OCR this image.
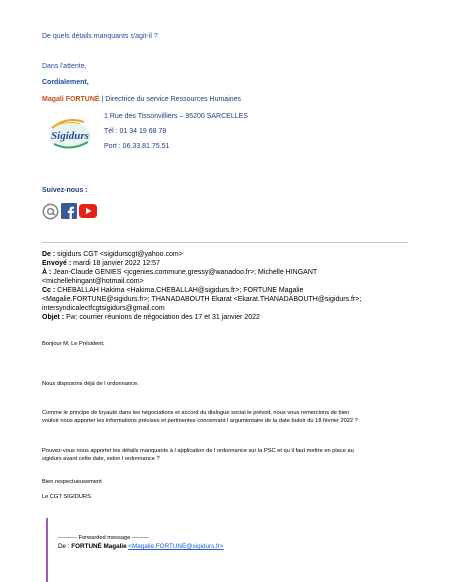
De quels détails manquants s'agit-il ?
Dans l'attente,
Cordialement,
Magali FORTUNÉ | Directrice du service Ressources Humaines
Sigidurs
1 Rue des Tissonvilliers – 95200 SARCELLES
Tél : 01 34 19 68 78
Port : 06.33.81.75.51
Suivez-nous :
De : sigidurs CGT <sigidurscgt@yahoo.com>
Envoyé : mardi 18 janvier 2022 12:57
À : Jean-Claude GENIES <jcgenies.commune.gressy@wanadoo.fr>; Michelle HINGANT
<michellehingant@hotmail.com>
Cc : CHEBALLAH Hakima <Hakima.CHEBALLAH@sigidurs.fr>; FORTUNE Magalie
<Magalie.FORTUNE@sigidurs.fr>; THANADABOUTH Ekarat <Ekarat.THANADABOUTH@sigidurs.fr>;
intersyndicalectfcgtsigidurs@gmail.com
Objet : Fw: courrier réunions de négociation des 17 et 31 janvier 2022
Bonjour M. Le Président,
Nous disposons déjà de l ordonnance.
Comme le principe de loyauté dans les négociations et accord du dialogue social le prévoit, nous vous remercions de bien
vouloir nous apporter les informations précises et pertinentes concernant l argumentaire de la date butoir du 18 février 2022 ?
Pouvez-vous nous apporter les détails manquants à l application de l ordonnance sur la PSC et qu il faut mettre en place au
sigidurs avant cette date, selon l ordonnance ?
Bien respectueusement
Le CGT SIGIDURS
---------- Forwarded message ---------
De : FORTUNÉ Magalie <Magalie.FORTUNE@sigidurs.fr>
